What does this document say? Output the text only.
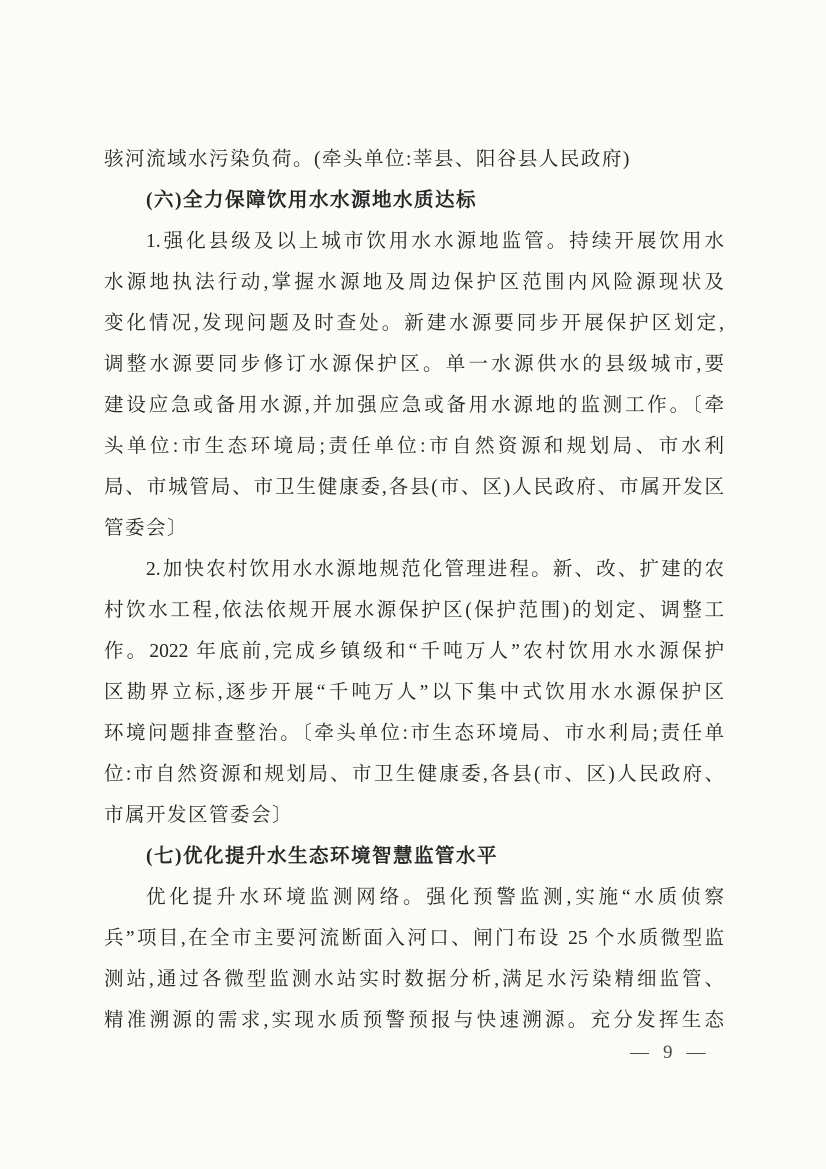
骇河流域水污染负荷。(牵头单位:莘县、阳谷县人民政府)
(六)全力保障饮用水水源地水质达标
1.强化县级及以上城市饮用水水源地监管。持续开展饮用水
水源地执法行动,掌握水源地及周边保护区范围内风险源现状及
变化情况,发现问题及时查处。新建水源要同步开展保护区划定,
调整水源要同步修订水源保护区。单一水源供水的县级城市,要
建设应急或备用水源,并加强应急或备用水源地的监测工作。〔牵
头单位:市生态环境局;责任单位:市自然资源和规划局、市水利
局、市城管局、市卫生健康委,各县(市、区)人民政府、市属开发区
管委会〕
2.加快农村饮用水水源地规范化管理进程。新、改、扩建的农
村饮水工程,依法依规开展水源保护区(保护范围)的划定、调整工
作。2022 年底前,完成乡镇级和“千吨万人”农村饮用水水源保护
区勘界立标,逐步开展“千吨万人”以下集中式饮用水水源保护区
环境问题排查整治。〔牵头单位:市生态环境局、市水利局;责任单
位:市自然资源和规划局、市卫生健康委,各县(市、区)人民政府、
市属开发区管委会〕
(七)优化提升水生态环境智慧监管水平
优化提升水环境监测网络。强化预警监测,实施“水质侦察
兵”项目,在全市主要河流断面入河口、闸门布设 25 个水质微型监
测站,通过各微型监测水站实时数据分析,满足水污染精细监管、
精准溯源的需求,实现水质预警预报与快速溯源。充分发挥生态
— 9 —
